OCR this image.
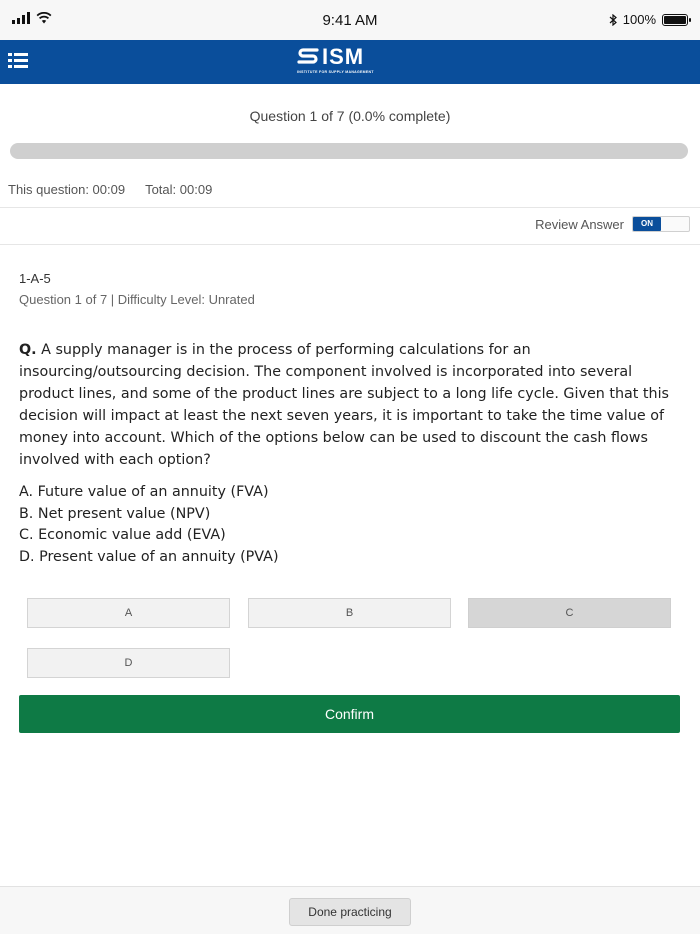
9:41 AM	100%
ISM
INSTITUTE FOR SUPPLY MANAGEMENT
Question 1 of 7 (0.0% complete)
This question: 00:09 Total: 00:09
Review Answer	ON
1-A-5
Question 1 of 7 | Difficulty Level: Unrated
Q. A supply manager is in the process of performing calculations for an insourcing/outsourcing decision. The component involved is incorporated into several product lines, and some of the product lines are subject to a long life cycle. Given that this decision will impact at least the next seven years, it is important to take the time value of money into account. Which of the options below can be used to discount the cash flows involved with each option?
A. Future value of an annuity (FVA)
B. Net present value (NPV)
C. Economic value add (EVA)
D. Present value of an annuity (PVA)
A	B	C
D
Confirm
Done practicing
